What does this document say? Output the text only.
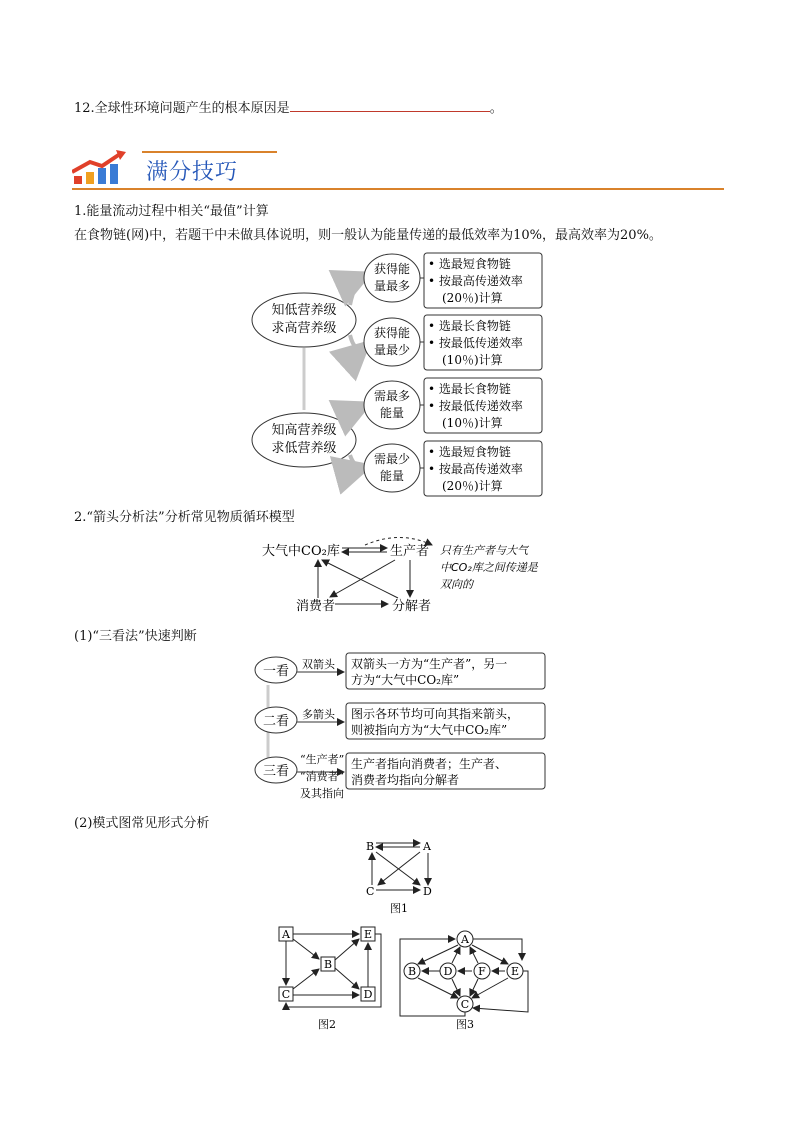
12.全球性环境问题产生的根本原因是	。
满分技巧
1.能量流动过程中相关“最值”计算
在食物链(网)中，若题干中未做具体说明，则一般认为能量传递的最低效率为10%，最高效率为20%。
知低营养级
求高营养级
知高营养级
求低营养级
获得能
量最多
获得能
量最少
需最多
能量
需最少
能量
• 选最短食物链
• 按最高传递效率
(20％)计算
• 选最长食物链
• 按最低传递效率
(10％)计算
• 选最长食物链
• 按最低传递效率
(10％)计算
• 选最短食物链
• 按最高传递效率
(20％)计算
大气中CO₂库	生产者
消费者	分解者
只有生产者与大气
中CO₂库之间传递是
双向的
一看 双箭头 双箭头一方为“生产者”，另一
方为“大气中CO₂库”
二看 多箭头 图示各环节均可向其指来箭头，
则被指向方为“大气中CO₂库”
三看
“生产者”
“消费者”
及其指向
生产者指向消费者；生产者、
消费者均指向分解者
B	A
C	D
图1
A	E
B
C	D
图2
A
B	D F E
C
图3
2.“箭头分析法”分析常见物质循环模型
(1)“三看法”快速判断
(2)模式图常见形式分析
